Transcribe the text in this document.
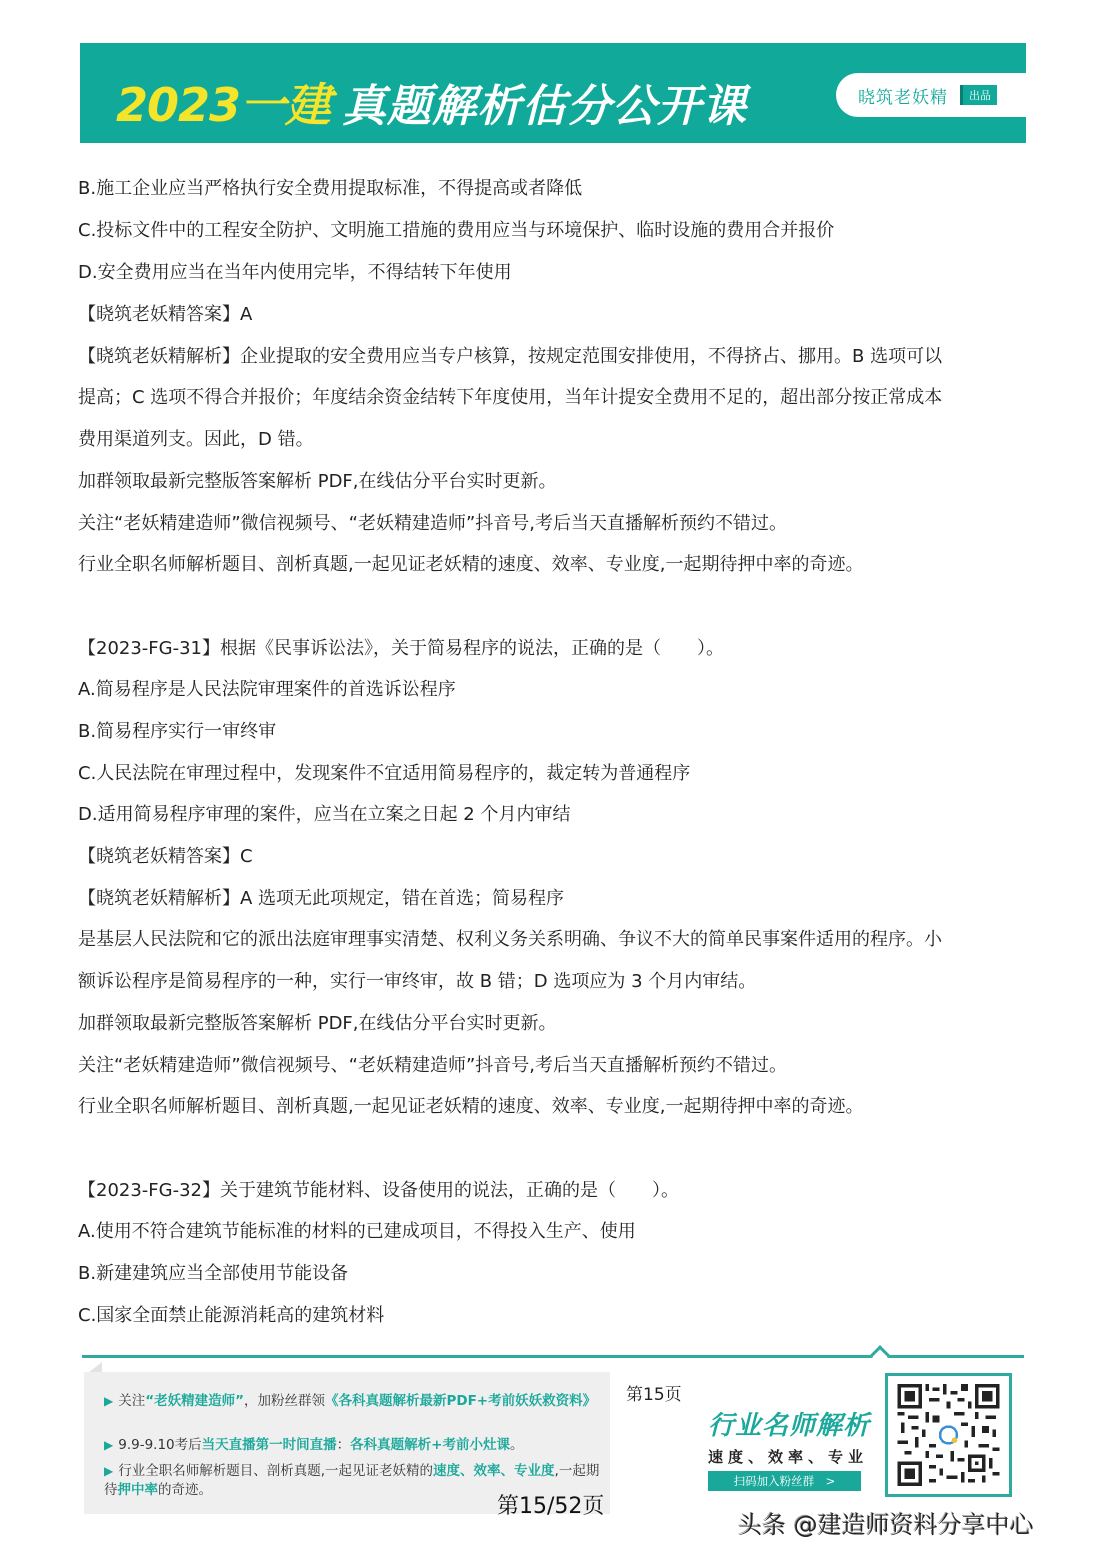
2023一建 真题解析估分公开课	晓筑老妖精	出品
B.施工企业应当严格执行安全费用提取标准，不得提高或者降低
C.投标文件中的工程安全防护、文明施工措施的费用应当与环境保护、临时设施的费用合并报价
D.安全费用应当在当年内使用完毕，不得结转下年使用
【晓筑老妖精答案】A
【晓筑老妖精解析】企业提取的安全费用应当专户核算，按规定范围安排使用，不得挤占、挪用。B 选项可以
提高；C 选项不得合并报价；年度结余资金结转下年度使用，当年计提安全费用不足的，超出部分按正常成本
费用渠道列支。因此，D 错。
加群领取最新完整版答案解析 PDF,在线估分平台实时更新。
关注“老妖精建造师”微信视频号、“老妖精建造师”抖音号,考后当天直播解析预约不错过。
行业全职名师解析题目、剖析真题,一起见证老妖精的速度、效率、专业度,一起期待押中率的奇迹。
【2023-FG-31】根据《民事诉讼法》，关于简易程序的说法，正确的是（　　）。
A.简易程序是人民法院审理案件的首选诉讼程序
B.简易程序实行一审终审
C.人民法院在审理过程中，发现案件不宜适用简易程序的，裁定转为普通程序
D.适用简易程序审理的案件，应当在立案之日起 2 个月内审结
【晓筑老妖精答案】C
【晓筑老妖精解析】A 选项无此项规定，错在首选；简易程序
是基层人民法院和它的派出法庭审理事实清楚、权利义务关系明确、争议不大的简单民事案件适用的程序。小
额诉讼程序是简易程序的一种，实行一审终审，故 B 错；D 选项应为 3 个月内审结。
加群领取最新完整版答案解析 PDF,在线估分平台实时更新。
关注“老妖精建造师”微信视频号、“老妖精建造师”抖音号,考后当天直播解析预约不错过。
行业全职名师解析题目、剖析真题,一起见证老妖精的速度、效率、专业度,一起期待押中率的奇迹。
【2023-FG-32】关于建筑节能材料、设备使用的说法，正确的是（　　）。
A.使用不符合建筑节能标准的材料的已建成项目，不得投入生产、使用
B.新建建筑应当全部使用节能设备
C.国家全面禁止能源消耗高的建筑材料
▶ 关注“老妖精建造师”，加粉丝群领《各科真题解析最新PDF+考前妖妖救资料》
▶ 9.9-9.10考后当天直播第一时间直播：各科真题解析+考前小灶课。
▶ 行业全职名师解析题目、剖析真题,一起见证老妖精的速度、效率、专业度,一起期待押中率的奇迹。
第15页
第15/52页
行业名师解析
速度、效率、专业
扫码加入粉丝群　>
头条 @建造师资料分享中心
